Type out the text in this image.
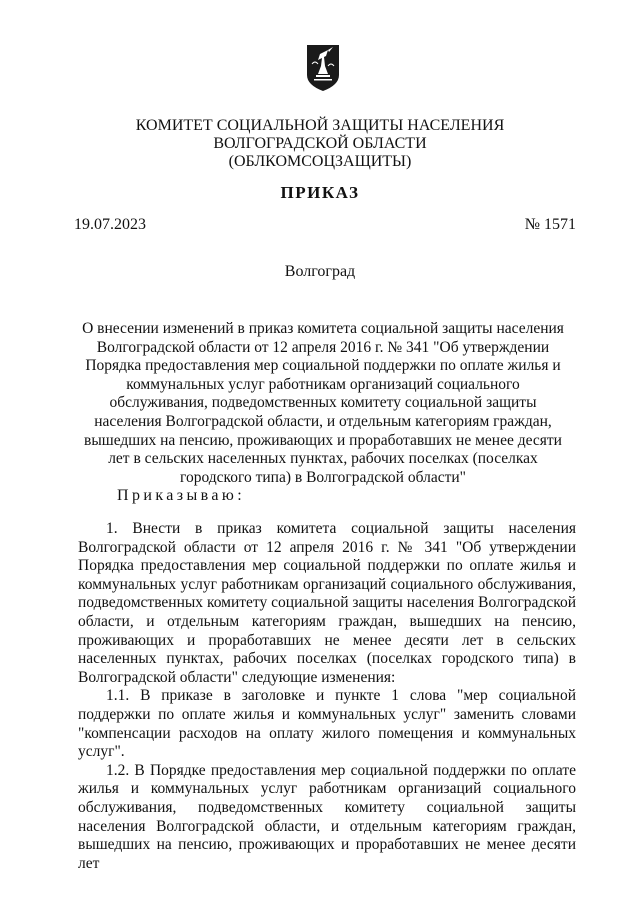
КОМИТЕТ СОЦИАЛЬНОЙ ЗАЩИТЫ НАСЕЛЕНИЯ
ВОЛГОГРАДСКОЙ ОБЛАСТИ
(ОБЛКОМСОЦЗАЩИТЫ)
ПРИКАЗ
19.07.2023	№ 1571
Волгоград
О внесении изменений в приказ комитета социальной защиты населения Волгоградской области от 12 апреля 2016 г. № 341 "Об утверждении Порядка предоставления мер социальной поддержки по оплате жилья и коммунальных услуг работникам организаций социального обслуживания, подведомственных комитету социальной защиты населения Волгоградской области, и отдельным категориям граждан, вышедших на пенсию, проживающих и проработавших не менее десяти лет в сельских населенных пунктах, рабочих поселках (поселках городского типа) в Волгоградской области"
Приказываю:

1. Внести в приказ комитета социальной защиты населения Волгоградской области от 12 апреля 2016 г. № 341 "Об утверждении Порядка предоставления мер социальной поддержки по оплате жилья и коммунальных услуг работникам организаций социального обслуживания, подведомственных комитету социальной защиты населения Волгоградской области, и отдельным категориям граждан, вышедших на пенсию, проживающих и проработавших не менее десяти лет в сельских населенных пунктах, рабочих поселках (поселках городского типа) в Волгоградской области" следующие изменения:

1.1. В приказе в заголовке и пункте 1 слова "мер социальной поддержки по оплате жилья и коммунальных услуг" заменить словами "компенсации расходов на оплату жилого помещения и коммунальных услуг".

1.2. В Порядке предоставления мер социальной поддержки по оплате жилья и коммунальных услуг работникам организаций социального обслуживания, подведомственных комитету социальной защиты населения Волгоградской области, и отдельным категориям граждан, вышедших на пенсию, проживающих и проработавших не менее десяти лет
